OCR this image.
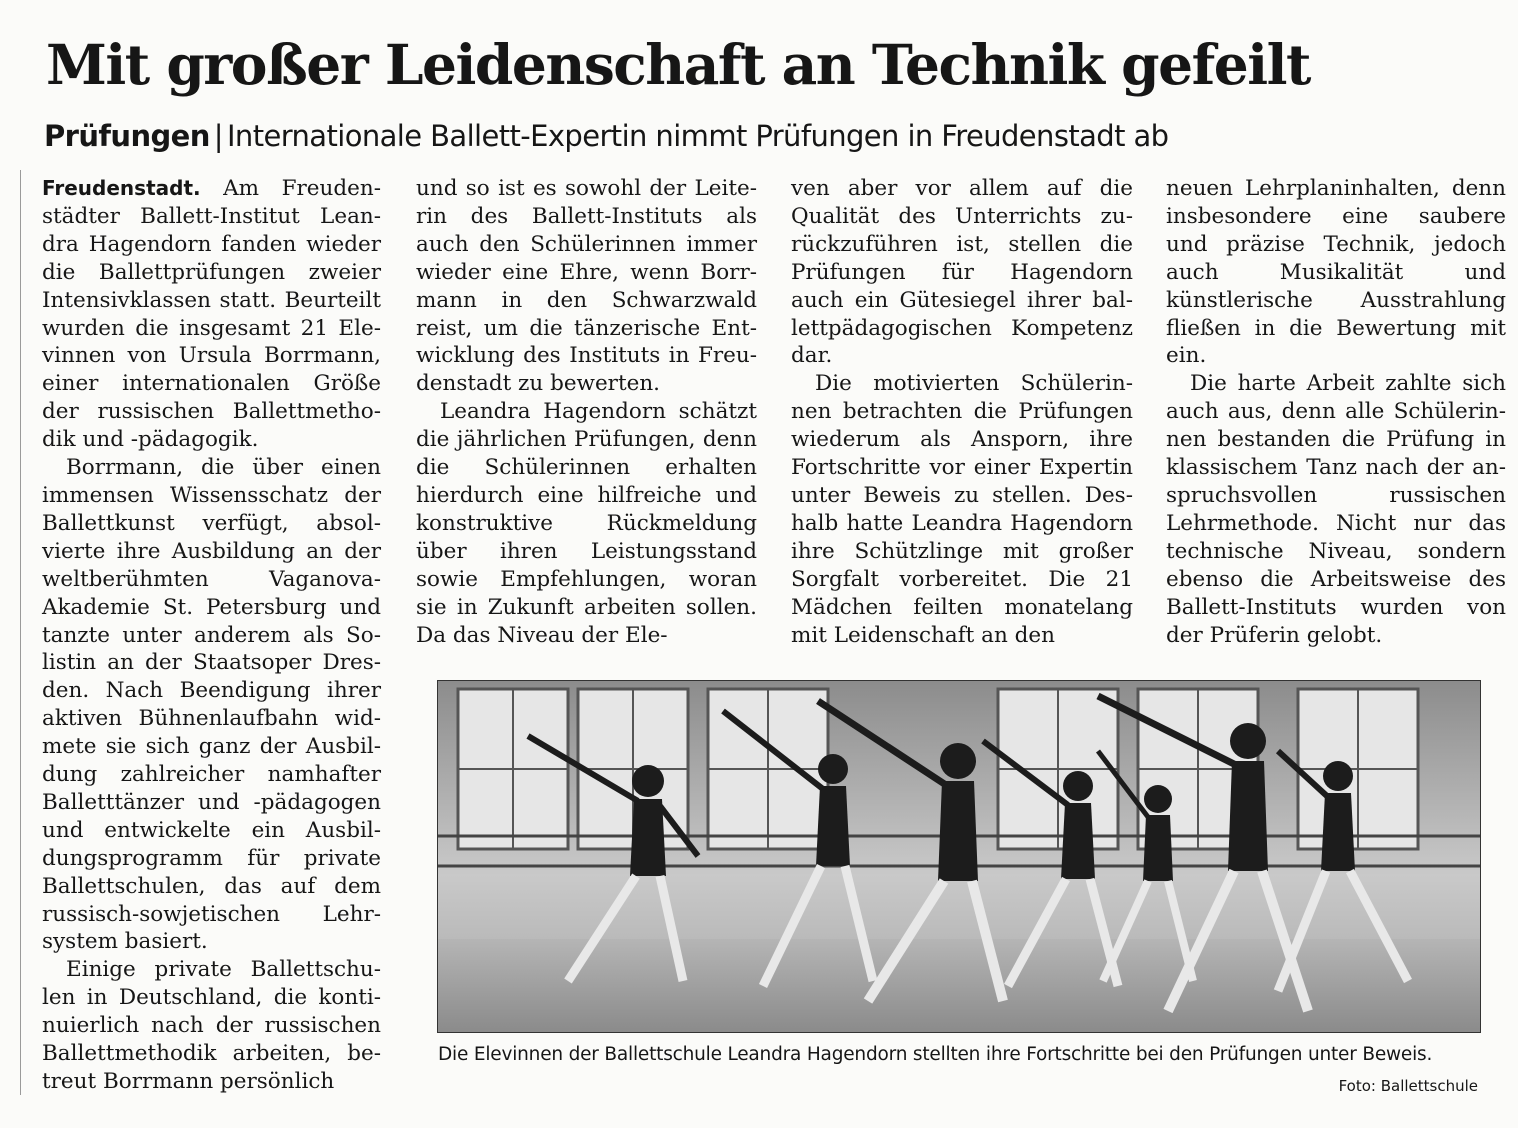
Mit großer Leidenschaft an Technik gefeilt
Prüfungen | Internationale Ballett-Expertin nimmt Prüfungen in Freudenstadt ab

Freudenstadt. Am Freudenstädter Ballett-Institut Leandra Hagendorn fanden wieder die Ballettprüfungen zweier Intensivklassen statt. Beurteilt wurden die insgesamt 21 Elevinnen von Ursula Borrmann, einer internationalen Größe der russischen Ballettmethodik und -pädagogik.

Borrmann, die über einen immensen Wissensschatz der Ballettkunst verfügt, absolvierte ihre Ausbildung an der weltberühmten Vaganova-Akademie St. Petersburg und tanzte unter anderem als Solistin an der Staatsoper Dresden. Nach Beendigung ihrer aktiven Bühnenlaufbahn widmete sie sich ganz der Ausbildung zahlreicher namhafter Balletttänzer und -pädagogen und entwickelte ein Ausbildungsprogramm für private Ballettschulen, das auf dem russisch-sowjetischen Lehrsystem basiert.

Einige private Ballettschulen in Deutschland, die kontinuierlich nach der russischen Ballettmethodik arbeiten, betreut Borrmann persönlich

und so ist es sowohl der Leiterin des Ballett-Instituts als auch den Schülerinnen immer wieder eine Ehre, wenn Borrmann in den Schwarzwald reist, um die tänzerische Entwicklung des Instituts in Freudenstadt zu bewerten.

Leandra Hagendorn schätzt die jährlichen Prüfungen, denn die Schülerinnen erhalten hierdurch eine hilfreiche und konstruktive Rückmeldung über ihren Leistungsstand sowie Empfehlungen, woran sie in Zukunft arbeiten sollen. Da das Niveau der Ele-

ven aber vor allem auf die Qualität des Unterrichts zurückzuführen ist, stellen die Prüfungen für Hagendorn auch ein Gütesiegel ihrer ballettpädagogischen Kompetenz dar.

Die motivierten Schülerinnen betrachten die Prüfungen wiederum als Ansporn, ihre Fortschritte vor einer Expertin unter Beweis zu stellen. Deshalb hatte Leandra Hagendorn ihre Schützlinge mit großer Sorgfalt vorbereitet. Die 21 Mädchen feilten monatelang mit Leidenschaft an den

neuen Lehrplaninhalten, denn insbesondere eine saubere und präzise Technik, jedoch auch Musikalität und künstlerische Ausstrahlung fließen in die Bewertung mit ein.

Die harte Arbeit zahlte sich auch aus, denn alle Schülerinnen bestanden die Prüfung in klassischem Tanz nach der anspruchsvollen russischen Lehrmethode. Nicht nur das technische Niveau, sondern ebenso die Arbeitsweise des Ballett-Instituts wurden von der Prüferin gelobt.

Die Elevinnen der Ballettschule Leandra Hagendorn stellten ihre Fortschritte bei den Prüfungen unter Beweis.
Foto: Ballettschule
